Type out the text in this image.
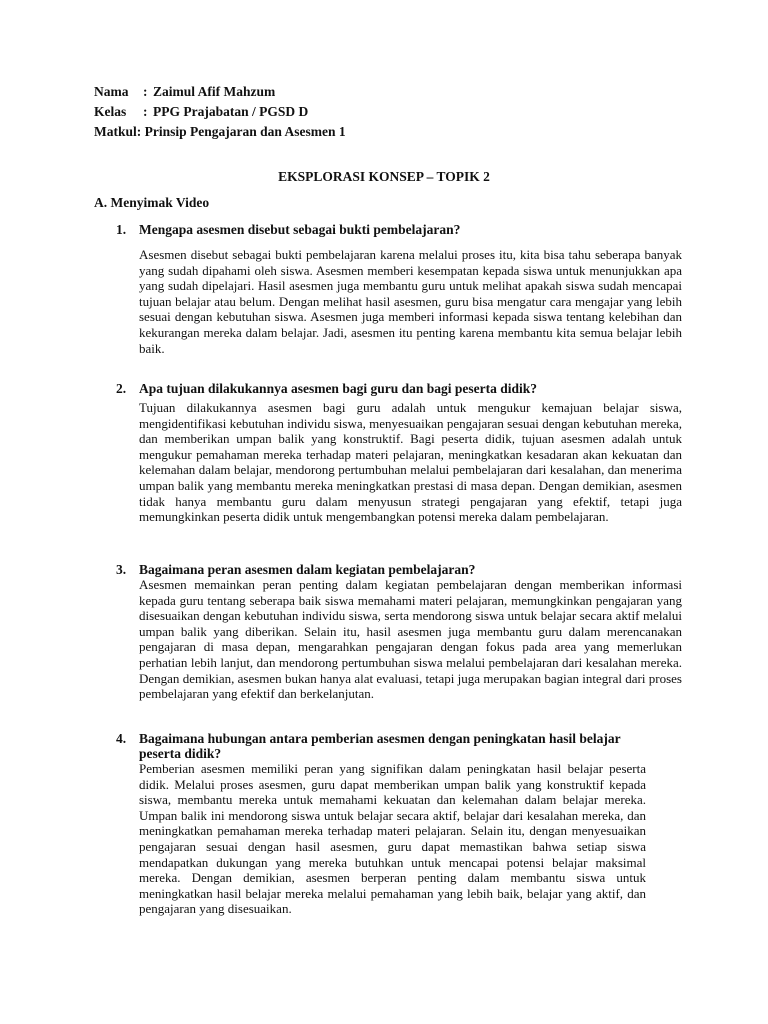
Nama	: Zaimul Afif Mahzum
Kelas	: PPG Prajabatan / PGSD D
Matkul : Prinsip Pengajaran dan Asesmen 1
EKSPLORASI KONSEP – TOPIK 2
A. Menyimak Video
1. Mengapa asesmen disebut sebagai bukti pembelajaran?
Asesmen disebut sebagai bukti pembelajaran karena melalui proses itu, kita bisa tahu seberapa banyak yang sudah dipahami oleh siswa. Asesmen memberi kesempatan kepada siswa untuk menunjukkan apa yang sudah dipelajari. Hasil asesmen juga membantu guru untuk melihat apakah siswa sudah mencapai tujuan belajar atau belum. Dengan melihat hasil asesmen, guru bisa mengatur cara mengajar yang lebih sesuai dengan kebutuhan siswa. Asesmen juga memberi informasi kepada siswa tentang kelebihan dan kekurangan mereka dalam belajar. Jadi, asesmen itu penting karena membantu kita semua belajar lebih baik.
2. Apa tujuan dilakukannya asesmen bagi guru dan bagi peserta didik?
Tujuan dilakukannya asesmen bagi guru adalah untuk mengukur kemajuan belajar siswa, mengidentifikasi kebutuhan individu siswa, menyesuaikan pengajaran sesuai dengan kebutuhan mereka, dan memberikan umpan balik yang konstruktif. Bagi peserta didik, tujuan asesmen adalah untuk mengukur pemahaman mereka terhadap materi pelajaran, meningkatkan kesadaran akan kekuatan dan kelemahan dalam belajar, mendorong pertumbuhan melalui pembelajaran dari kesalahan, dan menerima umpan balik yang membantu mereka meningkatkan prestasi di masa depan. Dengan demikian, asesmen tidak hanya membantu guru dalam menyusun strategi pengajaran yang efektif, tetapi juga memungkinkan peserta didik untuk mengembangkan potensi mereka dalam pembelajaran.
3. Bagaimana peran asesmen dalam kegiatan pembelajaran?
Asesmen memainkan peran penting dalam kegiatan pembelajaran dengan memberikan informasi kepada guru tentang seberapa baik siswa memahami materi pelajaran, memungkinkan pengajaran yang disesuaikan dengan kebutuhan individu siswa, serta mendorong siswa untuk belajar secara aktif melalui umpan balik yang diberikan. Selain itu, hasil asesmen juga membantu guru dalam merencanakan pengajaran di masa depan, mengarahkan pengajaran dengan fokus pada area yang memerlukan perhatian lebih lanjut, dan mendorong pertumbuhan siswa melalui pembelajaran dari kesalahan mereka. Dengan demikian, asesmen bukan hanya alat evaluasi, tetapi juga merupakan bagian integral dari proses pembelajaran yang efektif dan berkelanjutan.
4. Bagaimana hubungan antara pemberian asesmen dengan peningkatan hasil belajar peserta didik?
Pemberian asesmen memiliki peran yang signifikan dalam peningkatan hasil belajar peserta didik. Melalui proses asesmen, guru dapat memberikan umpan balik yang konstruktif kepada siswa, membantu mereka untuk memahami kekuatan dan kelemahan dalam belajar mereka. Umpan balik ini mendorong siswa untuk belajar secara aktif, belajar dari kesalahan mereka, dan meningkatkan pemahaman mereka terhadap materi pelajaran. Selain itu, dengan menyesuaikan pengajaran sesuai dengan hasil asesmen, guru dapat memastikan bahwa setiap siswa mendapatkan dukungan yang mereka butuhkan untuk mencapai potensi belajar maksimal mereka. Dengan demikian, asesmen berperan penting dalam membantu siswa untuk meningkatkan hasil belajar mereka melalui pemahaman yang lebih baik, belajar yang aktif, dan pengajaran yang disesuaikan.
